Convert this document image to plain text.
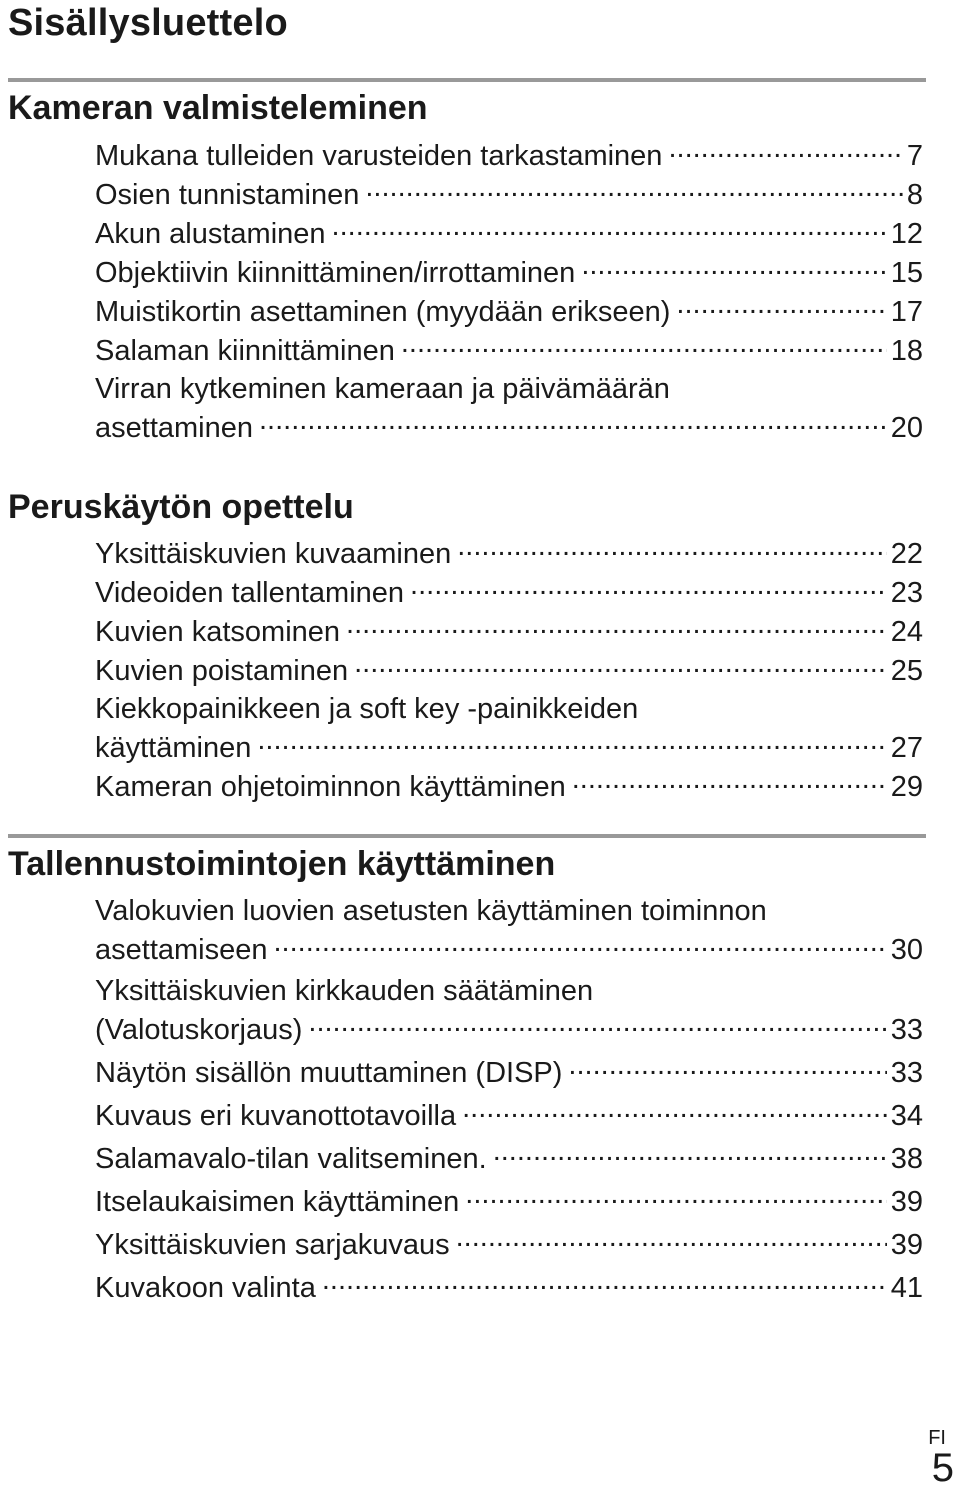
Sisällysluettelo
Kameran valmisteleminen
Mukana tulleiden varusteiden tarkastaminen .....	7
Osien tunnistaminen .....	8
Akun alustaminen .....	12
Objektiivin kiinnittäminen/irrottaminen .....	15
Muistikortin asettaminen (myydään erikseen) .....	17
Salaman kiinnittäminen .....	18
Virran kytkeminen kameraan ja päivämäärän
asettaminen .....	20
Peruskäytön opettelu
Yksittäiskuvien kuvaaminen .....	22
Videoiden tallentaminen .....	23
Kuvien katsominen .....	24
Kuvien poistaminen .....	25
Kiekkopainikkeen ja soft key -painikkeiden
käyttäminen .....	27
Kameran ohjetoiminnon käyttäminen .....	29
Tallennustoimintojen käyttäminen
Valokuvien luovien asetusten käyttäminen toiminnon
asettamiseen .....	30
Yksittäiskuvien kirkkauden säätäminen
(Valotuskorjaus) .....	33
Näytön sisällön muuttaminen (DISP) .....	33
Kuvaus eri kuvanottotavoilla .....	34
Salamavalo-tilan valitseminen. .....	38
Itselaukaisimen käyttäminen .....	39
Yksittäiskuvien sarjakuvaus .....	39
Kuvakoon valinta .....	41
FI
5
